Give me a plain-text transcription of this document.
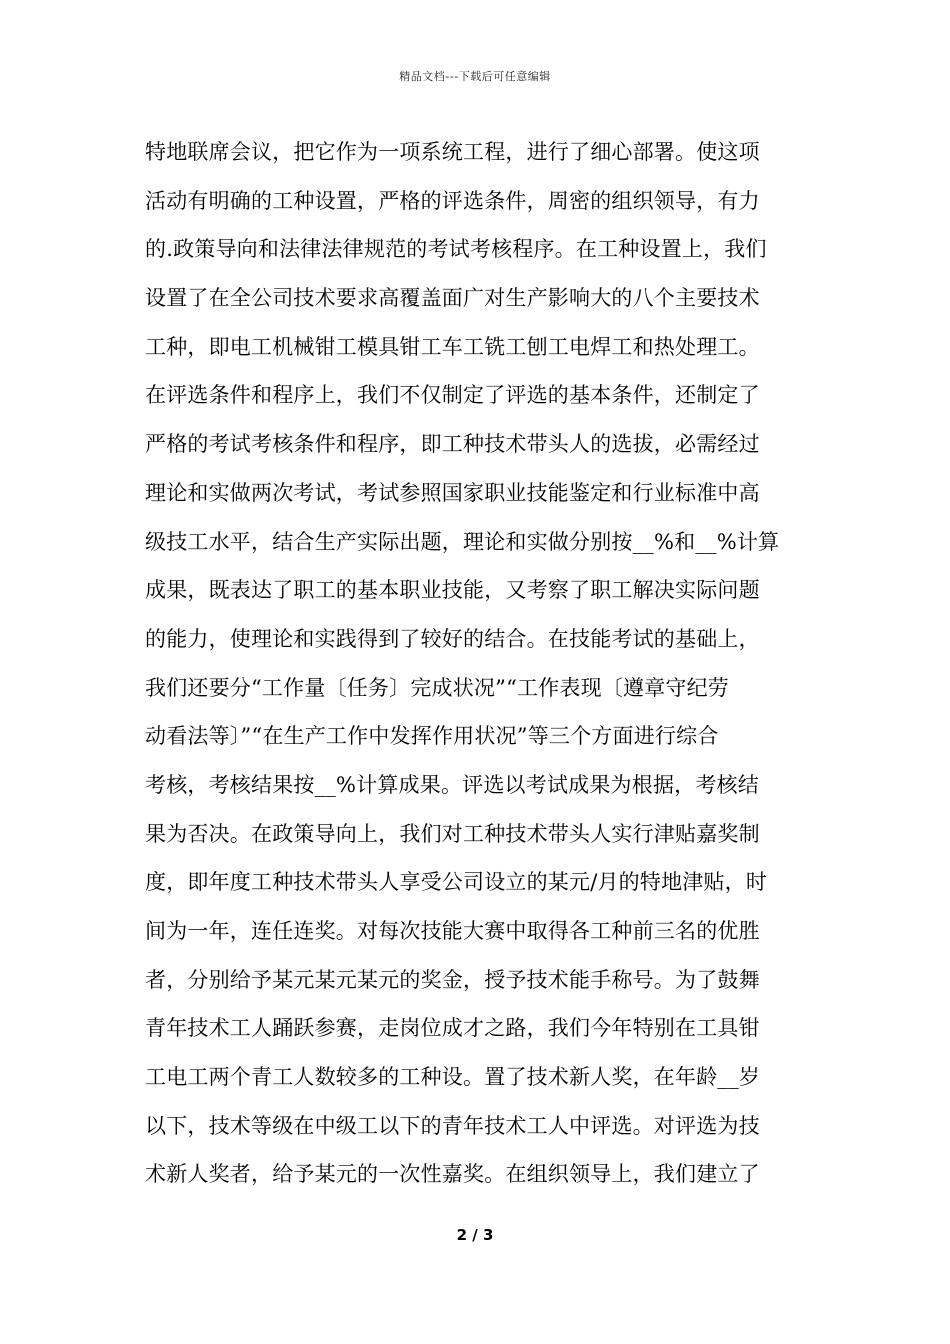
精品文档---下载后可任意编辑
特地联席会议，把它作为一项系统工程，进行了细心部署。使这项
活动有明确的工种设置，严格的评选条件，周密的组织领导，有力
的.政策导向和法律法律规范的考试考核程序。在工种设置上，我们
设置了在全公司技术要求高覆盖面广对生产影响大的八个主要技术
工种，即电工机械钳工模具钳工车工铣工刨工电焊工和热处理工。
在评选条件和程序上，我们不仅制定了评选的基本条件，还制定了
严格的考试考核条件和程序，即工种技术带头人的选拔，必需经过
理论和实做两次考试，考试参照国家职业技能鉴定和行业标准中高
级技工水平，结合生产实际出题，理论和实做分别按__%和__%计算
成果，既表达了职工的基本职业技能，又考察了职工解决实际问题
的能力，使理论和实践得到了较好的结合。在技能考试的基础上，
我们还要分“工作量〔任务〕完成状况”“工作表现〔遵章守纪劳
动看法等〕”“在生产工作中发挥作用状况”等三个方面进行综合
考核，考核结果按__%计算成果。评选以考试成果为根据，考核结
果为否决。在政策导向上，我们对工种技术带头人实行津贴嘉奖制
度，即年度工种技术带头人享受公司设立的某元/月的特地津贴，时
间为一年，连任连奖。对每次技能大赛中取得各工种前三名的优胜
者，分别给予某元某元某元的奖金，授予技术能手称号。为了鼓舞
青年技术工人踊跃参赛，走岗位成才之路，我们今年特别在工具钳
工电工两个青工人数较多的工种设。置了技术新人奖，在年龄__岁
以下，技术等级在中级工以下的青年技术工人中评选。对评选为技
术新人奖者，给予某元的一次性嘉奖。在组织领导上，我们建立了
2 / 3
